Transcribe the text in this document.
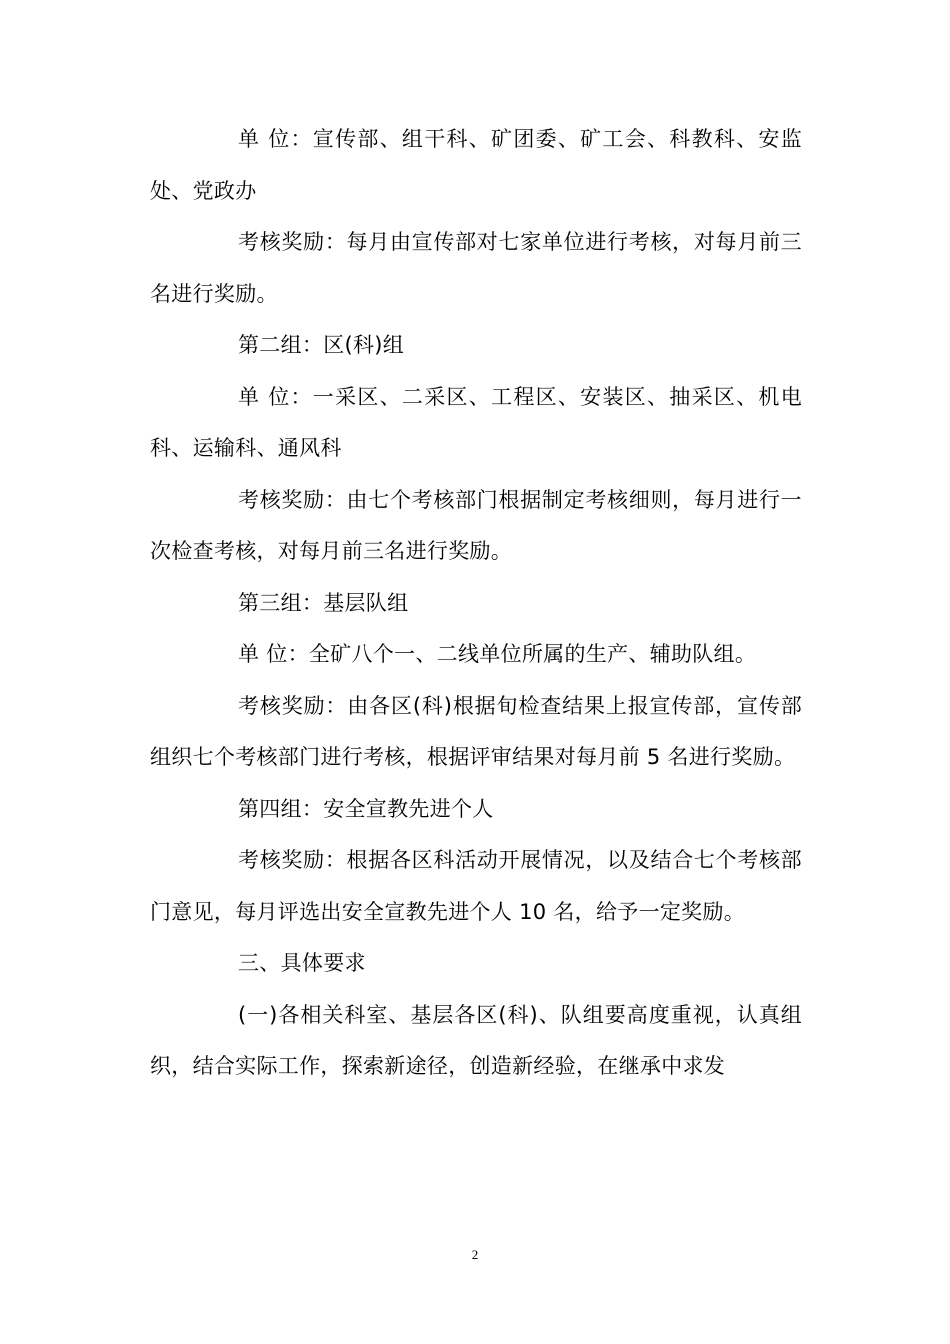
单 位：宣传部、组干科、矿团委、矿工会、科教科、安监处、党政办

考核奖励：每月由宣传部对七家单位进行考核，对每月前三名进行奖励。

第二组：区(科)组

单 位：一采区、二采区、工程区、安装区、抽采区、机电科、运输科、通风科

考核奖励：由七个考核部门根据制定考核细则，每月进行一次检查考核，对每月前三名进行奖励。

第三组：基层队组

单 位：全矿八个一、二线单位所属的生产、辅助队组。

考核奖励：由各区(科)根据旬检查结果上报宣传部，宣传部组织七个考核部门进行考核，根据评审结果对每月前 5 名进行奖励。

第四组：安全宣教先进个人

考核奖励：根据各区科活动开展情况，以及结合七个考核部门意见，每月评选出安全宣教先进个人 10 名，给予一定奖励。

三、具体要求

(一)各相关科室、基层各区(科)、队组要高度重视，认真组织，结合实际工作，探索新途径，创造新经验，在继承中求发

2
